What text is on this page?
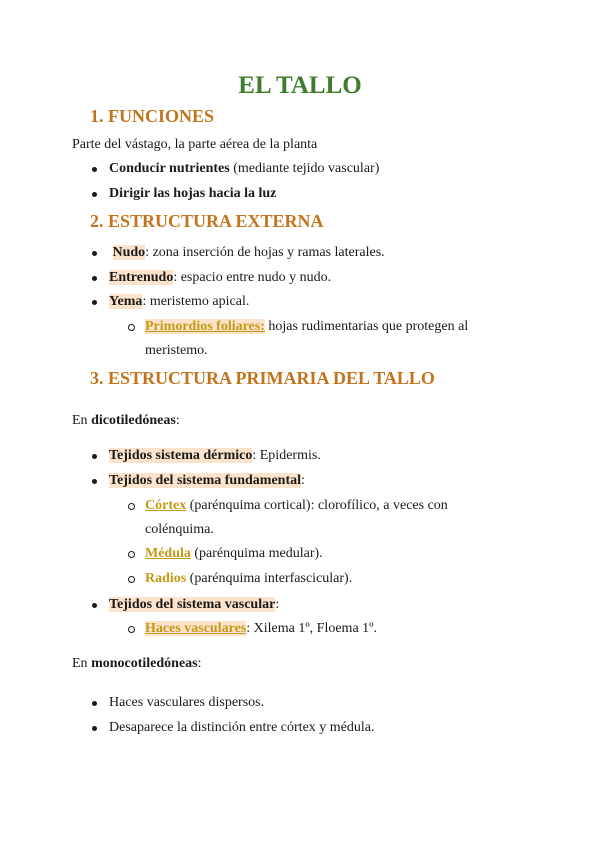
EL TALLO
1. FUNCIONES
Parte del vástago, la parte aérea de la planta
Conducir nutrientes (mediante tejido vascular)
Dirigir las hojas hacia la luz
2. ESTRUCTURA EXTERNA
Nudo: zona inserción de hojas y ramas laterales.
Entrenudo: espacio entre nudo y nudo.
Yema: meristemo apical.
Primordios foliares: hojas rudimentarias que protegen al
meristemo.
3. ESTRUCTURA PRIMARIA DEL TALLO
En dicotiledóneas:
Tejidos sistema dérmico: Epidermis.
Tejidos del sistema fundamental:
Córtex (parénquima cortical): clorofílico, a veces con
colénquima.
Médula (parénquima medular).
Radios (parénquima interfascicular).
Tejidos del sistema vascular:
Haces vasculares: Xilema 1º, Floema 1º.
En monocotiledóneas:
Haces vasculares dispersos.
Desaparece la distinción entre córtex y médula.
